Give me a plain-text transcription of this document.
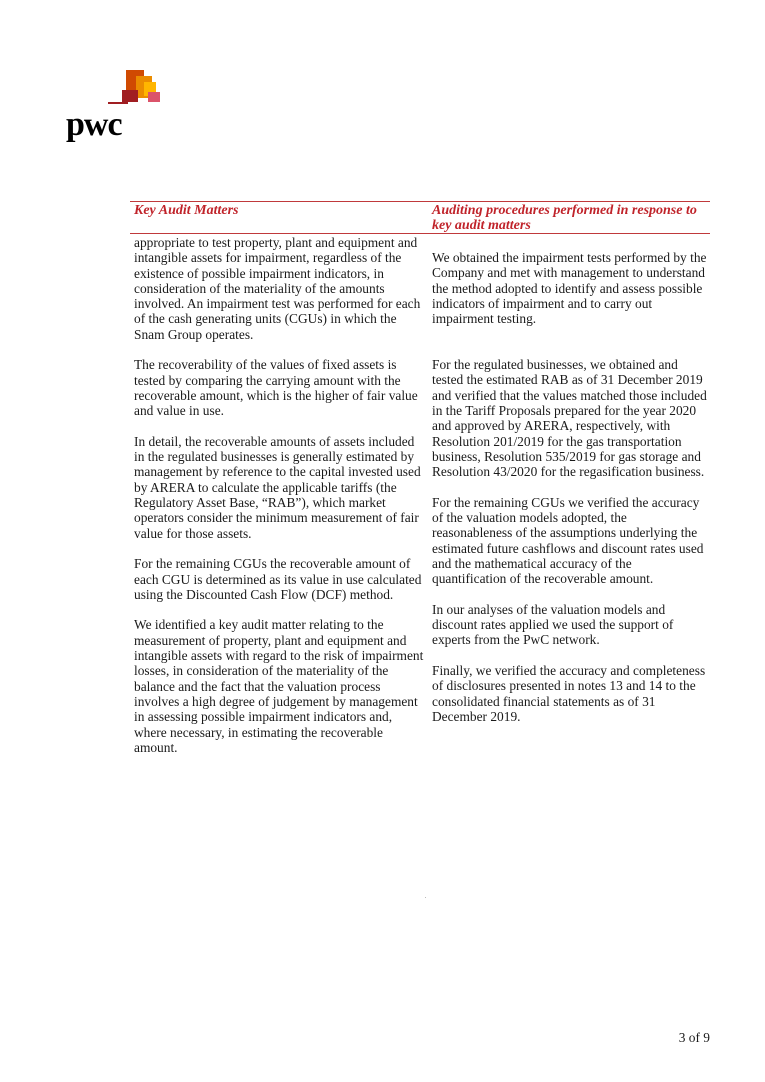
pwc
Key Audit Matters	Auditing procedures performed in response to key audit matters

appropriate to test property, plant and equipment and intangible assets for impairment, regardless of the existence of possible impairment indicators, in consideration of the materiality of the amounts involved. An impairment test was performed for each of the cash generating units (CGUs) in which the Snam Group operates.

The recoverability of the values of fixed assets is tested by comparing the carrying amount with the recoverable amount, which is the higher of fair value and value in use.

In detail, the recoverable amounts of assets included in the regulated businesses is generally estimated by management by reference to the capital invested used by ARERA to calculate the applicable tariffs (the Regulatory Asset Base, “RAB”), which market operators consider the minimum measurement of fair value for those assets.

For the remaining CGUs the recoverable amount of each CGU is determined as its value in use calculated using the Discounted Cash Flow (DCF) method.

We identified a key audit matter relating to the measurement of property, plant and equipment and intangible assets with regard to the risk of impairment losses, in consideration of the materiality of the balance and the fact that the valuation process involves a high degree of judgement by management in assessing possible impairment indicators and, where necessary, in estimating the recoverable amount.

We obtained the impairment tests performed by the Company and met with management to understand the method adopted to identify and assess possible indicators of impairment and to carry out impairment testing.

For the regulated businesses, we obtained and tested the estimated RAB as of 31 December 2019 and verified that the values matched those included in the Tariff Proposals prepared for the year 2020 and approved by ARERA, respectively, with Resolution 201/2019 for the gas transportation business, Resolution 535/2019 for gas storage and Resolution 43/2020 for the regasification business.

For the remaining CGUs we verified the accuracy of the valuation models adopted, the reasonableness of the assumptions underlying the estimated future cashflows and discount rates used and the mathematical accuracy of the quantification of the recoverable amount.

In our analyses of the valuation models and discount rates applied we used the support of experts from the PwC network.

Finally, we verified the accuracy and completeness of disclosures presented in notes 13 and 14 to the consolidated financial statements as of 31 December 2019.

3 of 9
